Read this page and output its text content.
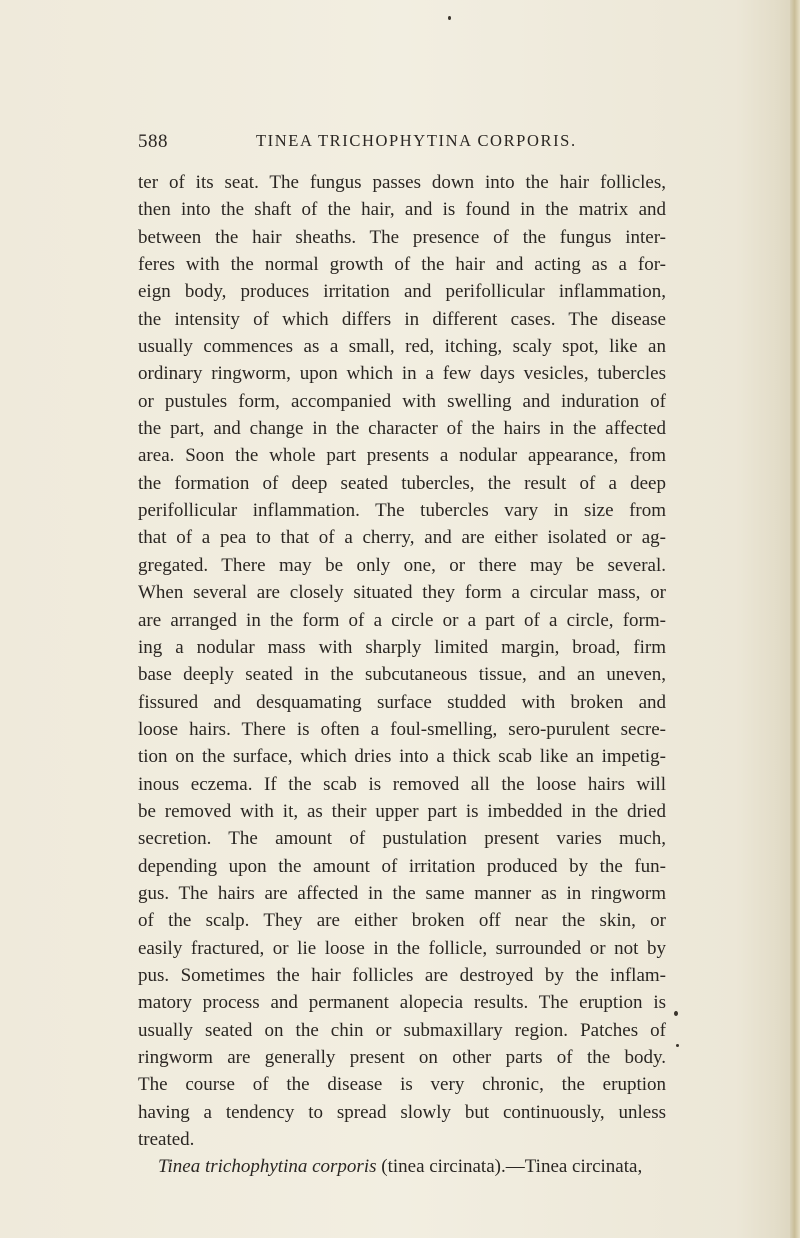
588	TINEA TRICHOPHYTINA CORPORIS.
ter of its seat. The fungus passes down into the hair follicles,
then into the shaft of the hair, and is found in the matrix and
between the hair sheaths. The presence of the fungus inter-
feres with the normal growth of the hair and acting as a for-
eign body, produces irritation and perifollicular inflammation,
the intensity of which differs in different cases. The disease
usually commences as a small, red, itching, scaly spot, like an
ordinary ringworm, upon which in a few days vesicles, tubercles
or pustules form, accompanied with swelling and induration of
the part, and change in the character of the hairs in the affected
area. Soon the whole part presents a nodular appearance, from
the formation of deep seated tubercles, the result of a deep
perifollicular inflammation. The tubercles vary in size from
that of a pea to that of a cherry, and are either isolated or ag-
gregated. There may be only one, or there may be several.
When several are closely situated they form a circular mass, or
are arranged in the form of a circle or a part of a circle, form-
ing a nodular mass with sharply limited margin, broad, firm
base deeply seated in the subcutaneous tissue, and an uneven,
fissured and desquamating surface studded with broken and
loose hairs. There is often a foul-smelling, sero-purulent secre-
tion on the surface, which dries into a thick scab like an impetig-
inous eczema. If the scab is removed all the loose hairs will
be removed with it, as their upper part is imbedded in the dried
secretion. The amount of pustulation present varies much,
depending upon the amount of irritation produced by the fun-
gus. The hairs are affected in the same manner as in ringworm
of the scalp. They are either broken off near the skin, or
easily fractured, or lie loose in the follicle, surrounded or not by
pus. Sometimes the hair follicles are destroyed by the inflam-
matory process and permanent alopecia results. The eruption is
usually seated on the chin or submaxillary region. Patches of
ringworm are generally present on other parts of the body.
The course of the disease is very chronic, the eruption
having a tendency to spread slowly but continuously, unless
treated.
Tinea trichophytina corporis (tinea circinata).—Tinea circinata,
